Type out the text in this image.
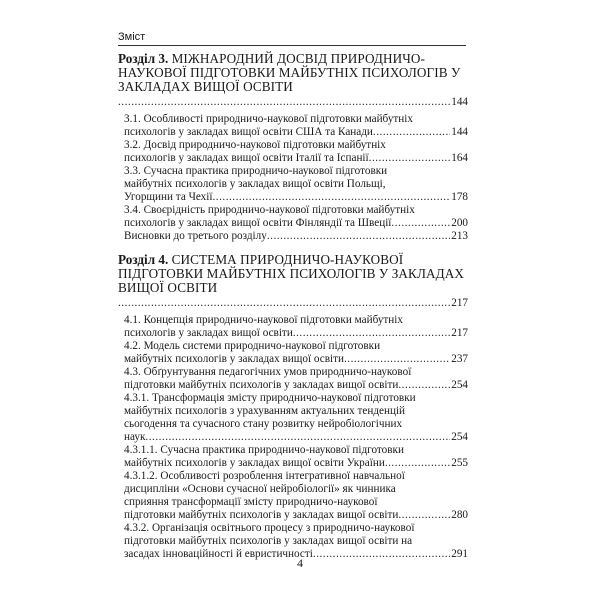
Зміст

Розділ 3. МІЖНАРОДНИЙ ДОСВІД ПРИРОДНИЧО-НАУКОВОЇ ПІДГОТОВКИ МАЙБУТНІХ ПСИХОЛОГІВ У ЗАКЛАДАХ ВИЩОЇ ОСВІТИ

.....
144
3.1. Особливості природничо-наукової підготовки майбутніх
психологів у закладах вищої освіти США та Канади .....	144
3.2. Досвід природничо-наукової підготовки майбутніх
психологів у закладах вищої освіти Італії та Іспанії .....	164
3.3. Сучасна практика природничо-наукової підготовки
майбутніх психологів у закладах вищої освіти Польщі,
Угорщини та Чехії .....	178
3.4. Своєрідність природничо-наукової підготовки майбутніх
психологів у закладах вищої освіти Фінляндії та Швеції .....	200
Висновки до третього розділу .....	213

Розділ 4. СИСТЕМА ПРИРОДНИЧО-НАУКОВОЇ ПІДГОТОВКИ МАЙБУТНІХ ПСИХОЛОГІВ У ЗАКЛАДАХ ВИЩОЇ ОСВІТИ

.....
217
4.1. Концепція природничо-наукової підготовки майбутніх
психологів у закладах вищої освіти .....	217
4.2. Модель системи природничо-наукової підготовки
майбутніх психологів у закладах вищої освіти .....	237
4.3. Обґрунтування педагогічних умов природничо-наукової
підготовки майбутніх психологів у закладах вищої освіти .....	254
4.3.1. Трансформація змісту природничо-наукової підготовки
майбутніх психологів з урахуванням актуальних тенденцій
сьогодення та сучасного стану розвитку нейробіологічних
наук .....	254
4.3.1.1. Сучасна практика природничо-наукової підготовки
майбутніх психологів у закладах вищої освіти України .....	255
4.3.1.2. Особливості розроблення інтегративної навчальної
дисципліни «Основи сучасної нейробіології» як чинника
сприяння трансформації змісту природничо-наукової
підготовки майбутніх психологів у закладах вищої освіти .....	280
4.3.2. Організація освітнього процесу з природничо-наукової
підготовки майбутніх психологів у закладах вищої освіти на
засадах інноваційності й евристичності .....	291
4
